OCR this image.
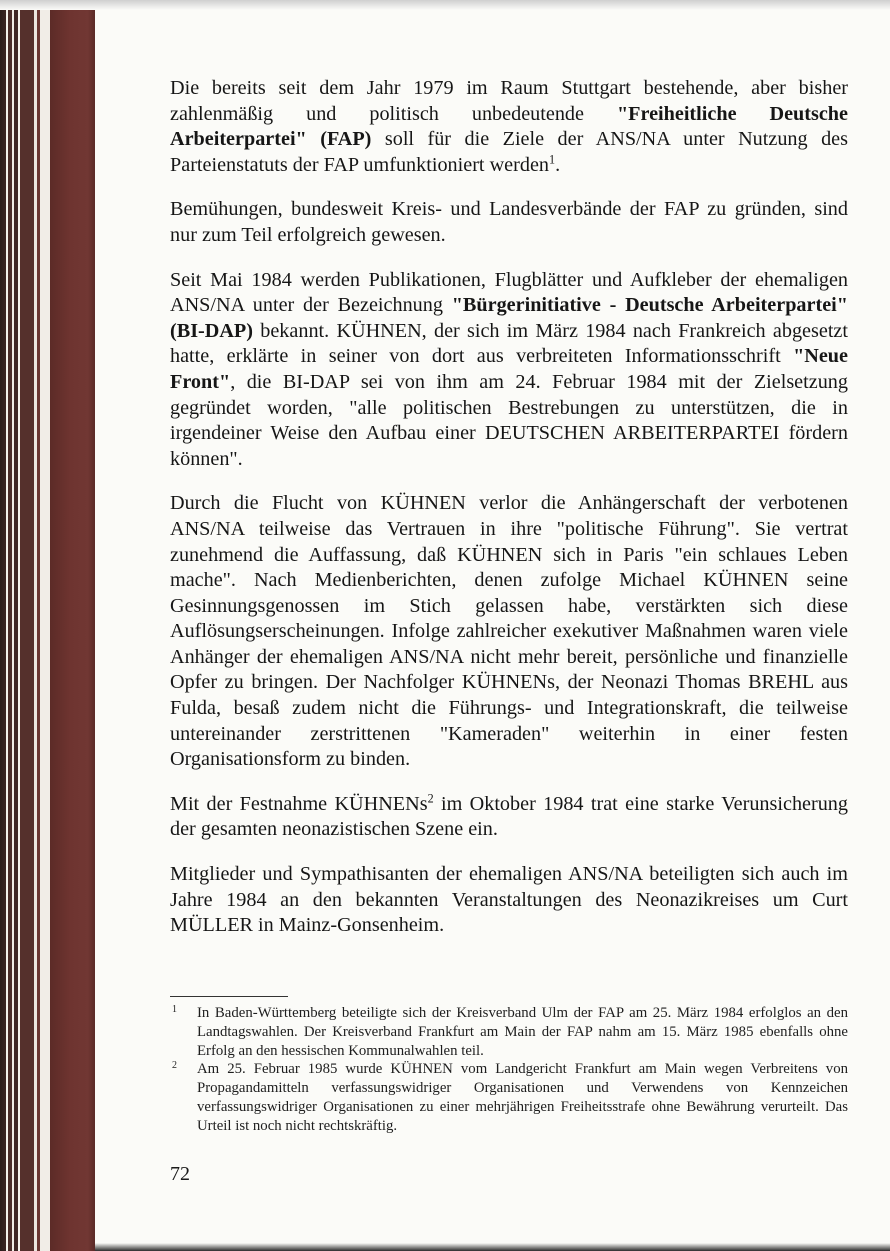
Die bereits seit dem Jahr 1979 im Raum Stuttgart bestehende, aber bisher zahlenmäßig und politisch unbedeutende "Freiheitliche Deutsche Arbeiterpartei" (FAP) soll für die Ziele der ANS/NA unter Nutzung des Parteienstatuts der FAP umfunktioniert werden$^1$.

Bemühungen, bundesweit Kreis- und Landesverbände der FAP zu gründen, sind nur zum Teil erfolgreich gewesen.

Seit Mai 1984 werden Publikationen, Flugblätter und Aufkleber der ehemaligen ANS/NA unter der Bezeichnung "Bürgerinitiative - Deutsche Arbeiterpartei" (BI-DAP) bekannt. KÜHNEN, der sich im März 1984 nach Frankreich abgesetzt hatte, erklärte in seiner von dort aus verbreiteten Informationsschrift "Neue Front", die BI-DAP sei von ihm am 24. Februar 1984 mit der Zielsetzung gegründet worden, "alle politischen Bestrebungen zu unterstützen, die in irgendeiner Weise den Aufbau einer DEUTSCHEN ARBEITERPARTEI fördern können".

Durch die Flucht von KÜHNEN verlor die Anhängerschaft der verbotenen ANS/NA teilweise das Vertrauen in ihre "politische Führung". Sie vertrat zunehmend die Auffassung, daß KÜHNEN sich in Paris "ein schlaues Leben mache". Nach Medienberichten, denen zufolge Michael KÜHNEN seine Gesinnungsgenossen im Stich gelassen habe, verstärkten sich diese Auflösungserscheinungen. Infolge zahlreicher exekutiver Maßnahmen waren viele Anhänger der ehemaligen ANS/NA nicht mehr bereit, persönliche und finanzielle Opfer zu bringen. Der Nachfolger KÜHNENs, der Neonazi Thomas BREHL aus Fulda, besaß zudem nicht die Führungs- und Integrationskraft, die teilweise untereinander zerstrittenen "Kameraden" weiterhin in einer festen Organisationsform zu binden.

Mit der Festnahme KÜHNENs$^2$ im Oktober 1984 trat eine starke Verunsicherung der gesamten neonazistischen Szene ein.

Mitglieder und Sympathisanten der ehemaligen ANS/NA beteiligten sich auch im Jahre 1984 an den bekannten Veranstaltungen des Neonazikreises um Curt MÜLLER in Mainz-Gonsenheim.

1 In Baden-Württemberg beteiligte sich der Kreisverband Ulm der FAP am 25. März 1984 erfolglos an den Landtagswahlen. Der Kreisverband Frankfurt am Main der FAP nahm am 15. März 1985 ebenfalls ohne Erfolg an den hessischen Kommunalwahlen teil.
2 Am 25. Februar 1985 wurde KÜHNEN vom Landgericht Frankfurt am Main wegen Verbreitens von Propagandamitteln verfassungswidriger Organisationen und Verwendens von Kennzeichen verfassungswidriger Organisationen zu einer mehrjährigen Freiheitsstrafe ohne Bewährung verurteilt. Das Urteil ist noch nicht rechtskräftig.
72
